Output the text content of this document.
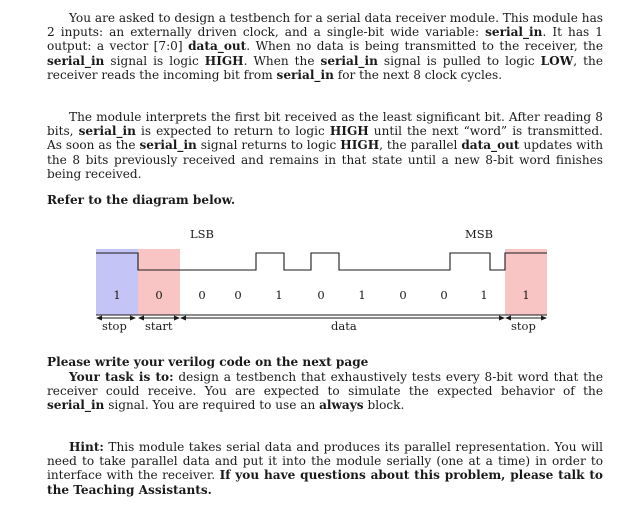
You are asked to design a testbench for a serial data receiver module. This module has 2 inputs: an externally driven clock, and a single-bit wide variable: serial_in. It has 1 output: a vector [7:0] data_out. When no data is being transmitted to the receiver, the serial_in signal is logic HIGH. When the serial_in signal is pulled to logic LOW, the receiver reads the incoming bit from serial_in for the next 8 clock cycles.

The module interprets the first bit received as the least significant bit. After reading 8 bits, serial_in is expected to return to logic HIGH until the next “word” is transmitted. As soon as the serial_in signal returns to logic HIGH, the parallel data_out updates with the 8 bits previously received and remains in that state until a new 8-bit word finishes being received.

Refer to the diagram below.

LSB	MSB
1	0	0 0	1	0	1	0	0	1	1
stop start	data	stop

Please write your verilog code on the next page

Your task is to: design a testbench that exhaustively tests every 8-bit word that the receiver could receive. You are expected to simulate the expected behavior of the serial_in signal. You are required to use an always block.

Hint: This module takes serial data and produces its parallel representation. You will need to take parallel data and put it into the module serially (one at a time) in order to interface with the receiver. If you have questions about this problem, please talk to the Teaching Assistants.
